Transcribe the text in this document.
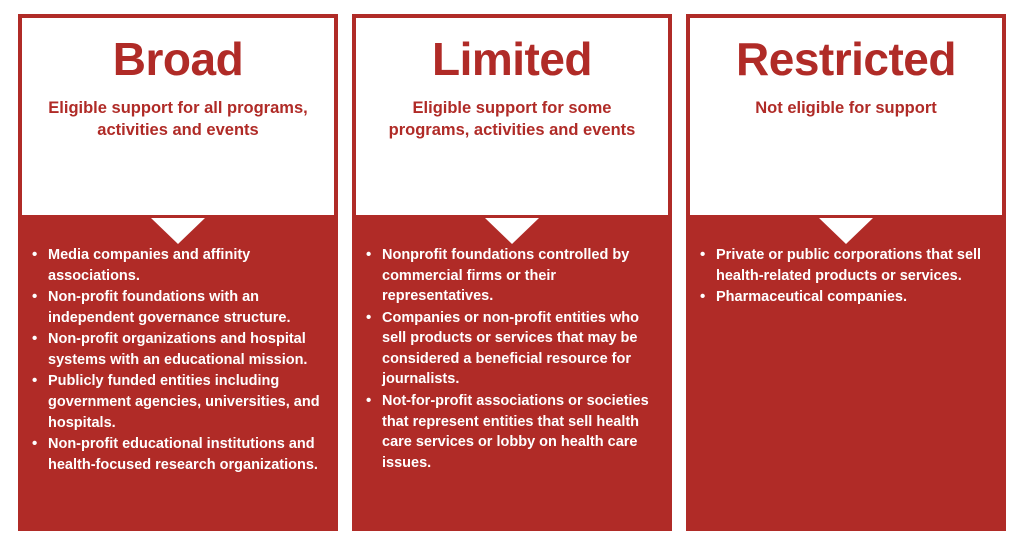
Broad
Eligible support for all programs, activities and events
• Media companies and affinity associations.
• Non-profit foundations with an independent governance structure.
• Non-profit organizations and hospital systems with an educational mission.
• Publicly funded entities including government agencies, universities, and hospitals.
• Non-profit educational institutions and health-focused research organizations.
Limited
Eligible support for some programs, activities and events
• Nonprofit foundations controlled by commercial firms or their representatives.
• Companies or non-profit entities who sell products or services that may be considered a beneficial resource for journalists.
• Not-for-profit associations or societies that represent entities that sell health care services or lobby on health care issues.
Restricted
Not eligible for support
• Private or public corporations that sell health-related products or services.
• Pharmaceutical companies.
